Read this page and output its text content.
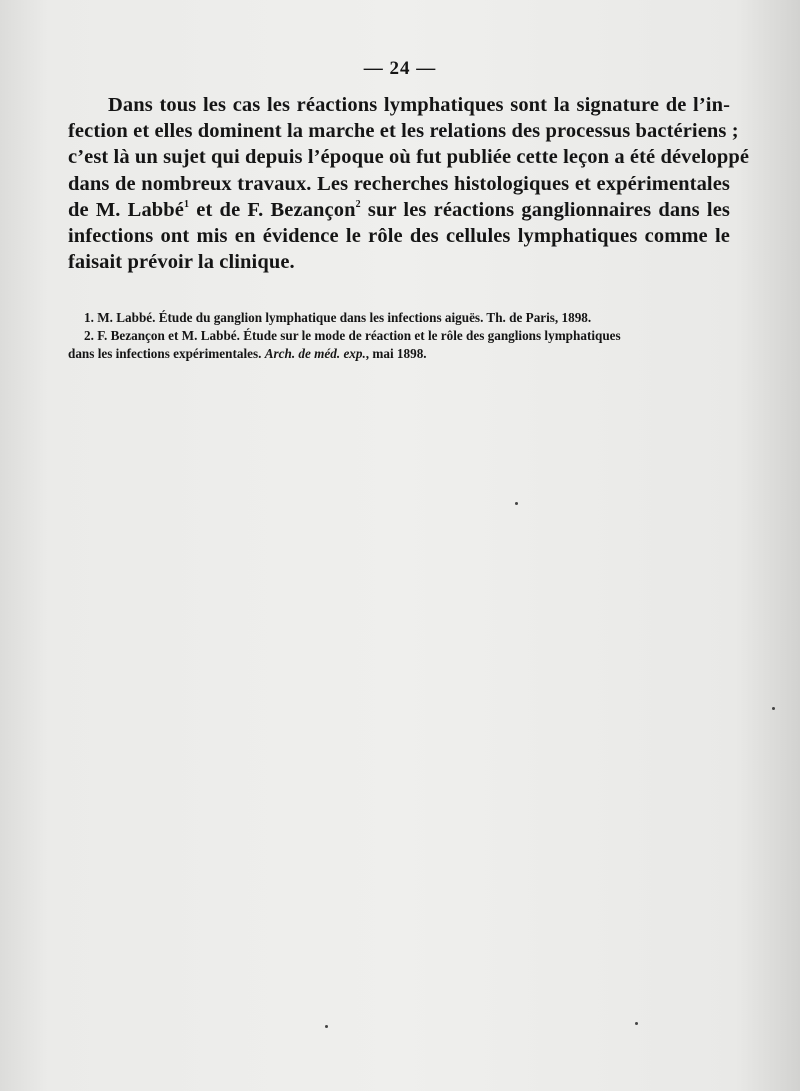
— 24 —
Dans tous les cas les réactions lymphatiques sont la signature de l’in-
fection et elles dominent la marche et les relations des processus bactériens ;
c’est là un sujet qui depuis l’époque où fut publiée cette leçon a été développé
dans de nombreux travaux. Les recherches histologiques et expérimentales
de M. Labbé$^1$ et de F. Bezançon$^2$ sur les réactions ganglionnaires dans les
infections ont mis en évidence le rôle des cellules lymphatiques comme le
faisait prévoir la clinique.
1. M. Labbé. Étude du ganglion lymphatique dans les infections aiguës. Th. de Paris, 1898.
2. F. Bezançon et M. Labbé. Étude sur le mode de réaction et le rôle des ganglions lymphatiques
dans les infections expérimentales. Arch. de méd. exp., mai 1898.
